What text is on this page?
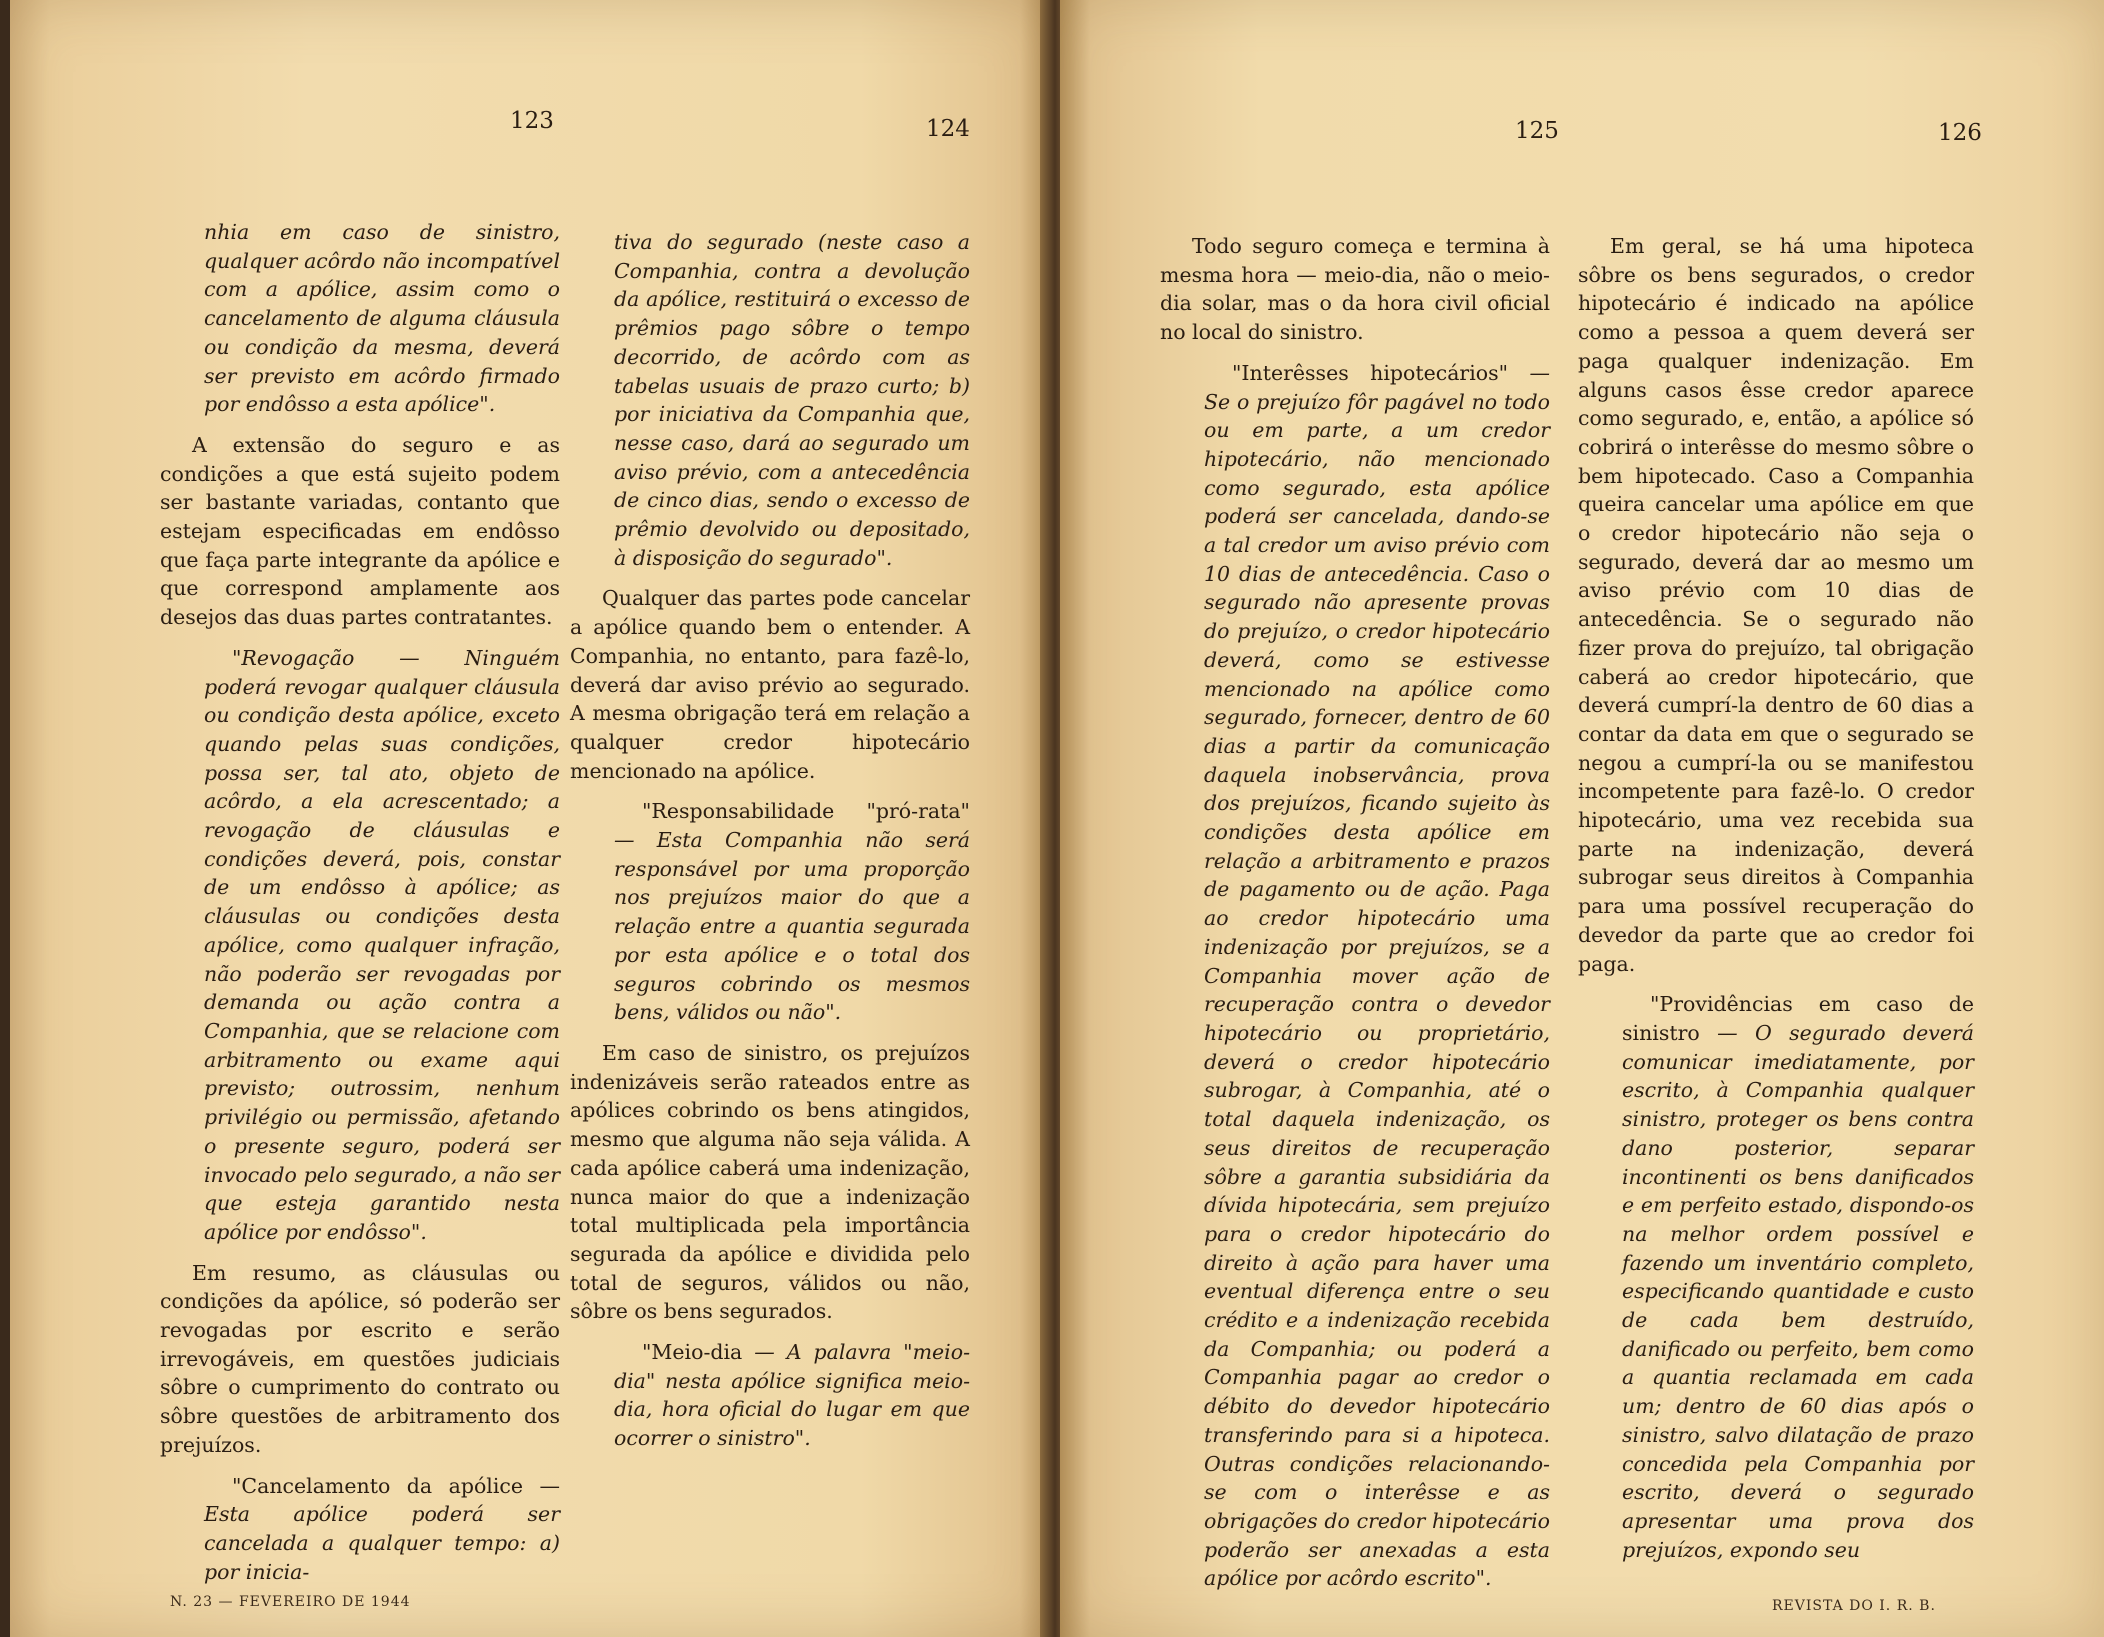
123	124

nhia em caso de sinistro, qualquer acôrdo não incompatível com a apólice, assim como o cancelamento de alguma cláusula ou condição da mesma, deverá ser previsto em acôrdo firmado por endôsso a esta apólice".

A extensão do seguro e as condições a que está sujeito podem ser bastante variadas, contanto que estejam especificadas em endôsso que faça parte integrante da apólice e que correspond amplamente aos desejos das duas partes contratantes.

"Revogação — Ninguém poderá revogar qualquer cláusula ou condição desta apólice, exceto quando pelas suas condições, possa ser, tal ato, objeto de acôrdo, a ela acrescentado; a revogação de cláusulas e condições deverá, pois, constar de um endôsso à apólice; as cláusulas ou condições desta apólice, como qualquer infração, não poderão ser revogadas por demanda ou ação contra a Companhia, que se relacione com arbitramento ou exame aqui previsto; outrossim, nenhum privilégio ou permissão, afetando o presente seguro, poderá ser invocado pelo segurado, a não ser que esteja garantido nesta apólice por endôsso".

Em resumo, as cláusulas ou condições da apólice, só poderão ser revogadas por escrito e serão irrevogáveis, em questões judiciais sôbre o cumprimento do contrato ou sôbre questões de arbitramento dos prejuízos.

"Cancelamento da apólice — Esta apólice poderá ser cancelada a qualquer tempo: a) por inicia-

tiva do segurado (neste caso a Companhia, contra a devolução da apólice, restituirá o excesso de prêmios pago sôbre o tempo decorrido, de acôrdo com as tabelas usuais de prazo curto; b) por iniciativa da Companhia que, nesse caso, dará ao segurado um aviso prévio, com a antecedência de cinco dias, sendo o excesso de prêmio devolvido ou depositado, à disposição do segurado".

Qualquer das partes pode cancelar a apólice quando bem o entender. A Companhia, no entanto, para fazê-lo, deverá dar aviso prévio ao segurado. A mesma obrigação terá em relação a qualquer credor hipotecário mencionado na apólice.

"Responsabilidade "pró-rata" — Esta Companhia não será responsável por uma proporção nos prejuízos maior do que a relação entre a quantia segurada por esta apólice e o total dos seguros cobrindo os mesmos bens, válidos ou não".

Em caso de sinistro, os prejuízos indenizáveis serão rateados entre as apólices cobrindo os bens atingidos, mesmo que alguma não seja válida. A cada apólice caberá uma indenização, nunca maior do que a indenização total multiplicada pela importância segurada da apólice e dividida pelo total de seguros, válidos ou não, sôbre os bens segurados.

"Meio-dia — A palavra "meio-dia" nesta apólice significa meio-dia, hora oficial do lugar em que ocorrer o sinistro".

N. 23 — FEVEREIRO DE 1944
125	126

Todo seguro começa e termina à mesma hora — meio-dia, não o meio-dia solar, mas o da hora civil oficial no local do sinistro.

"Interêsses hipotecários" — Se o prejuízo fôr pagável no todo ou em parte, a um credor hipotecário, não mencionado como segurado, esta apólice poderá ser cancelada, dando-se a tal credor um aviso prévio com 10 dias de antecedência. Caso o segurado não apresente provas do prejuízo, o credor hipotecário deverá, como se estivesse mencionado na apólice como segurado, fornecer, dentro de 60 dias a partir da comunicação daquela inobservância, prova dos prejuízos, ficando sujeito às condições desta apólice em relação a arbitramento e prazos de pagamento ou de ação. Paga ao credor hipotecário uma indenização por prejuízos, se a Companhia mover ação de recuperação contra o devedor hipotecário ou proprietário, deverá o credor hipotecário subrogar, à Companhia, até o total daquela indenização, os seus direitos de recuperação sôbre a garantia subsidiária da dívida hipotecária, sem prejuízo para o credor hipotecário do direito à ação para haver uma eventual diferença entre o seu crédito e a indenização recebida da Companhia; ou poderá a Companhia pagar ao credor o débito do devedor hipotecário transferindo para si a hipoteca. Outras condições relacionando-se com o interêsse e as obrigações do credor hipotecário poderão ser anexadas a esta apólice por acôrdo escrito".

Em geral, se há uma hipoteca sôbre os bens segurados, o credor hipotecário é indicado na apólice como a pessoa a quem deverá ser paga qualquer indenização. Em alguns casos êsse credor aparece como segurado, e, então, a apólice só cobrirá o interêsse do mesmo sôbre o bem hipotecado. Caso a Companhia queira cancelar uma apólice em que o credor hipotecário não seja o segurado, deverá dar ao mesmo um aviso prévio com 10 dias de antecedência. Se o segurado não fizer prova do prejuízo, tal obrigação caberá ao credor hipotecário, que deverá cumprí-la dentro de 60 dias a contar da data em que o segurado se negou a cumprí-la ou se manifestou incompetente para fazê-lo. O credor hipotecário, uma vez recebida sua parte na indenização, deverá subrogar seus direitos à Companhia para uma possível recuperação do devedor da parte que ao credor foi paga.

"Providências em caso de sinistro — O segurado deverá comunicar imediatamente, por escrito, à Companhia qualquer sinistro, proteger os bens contra dano posterior, separar incontinenti os bens danificados e em perfeito estado, dispondo-os na melhor ordem possível e fazendo um inventário completo, especificando quantidade e custo de cada bem destruído, danificado ou perfeito, bem como a quantia reclamada em cada um; dentro de 60 dias após o sinistro, salvo dilatação de prazo concedida pela Companhia por escrito, deverá o segurado apresentar uma prova dos prejuízos, expondo seu

REVISTA DO I. R. B.
